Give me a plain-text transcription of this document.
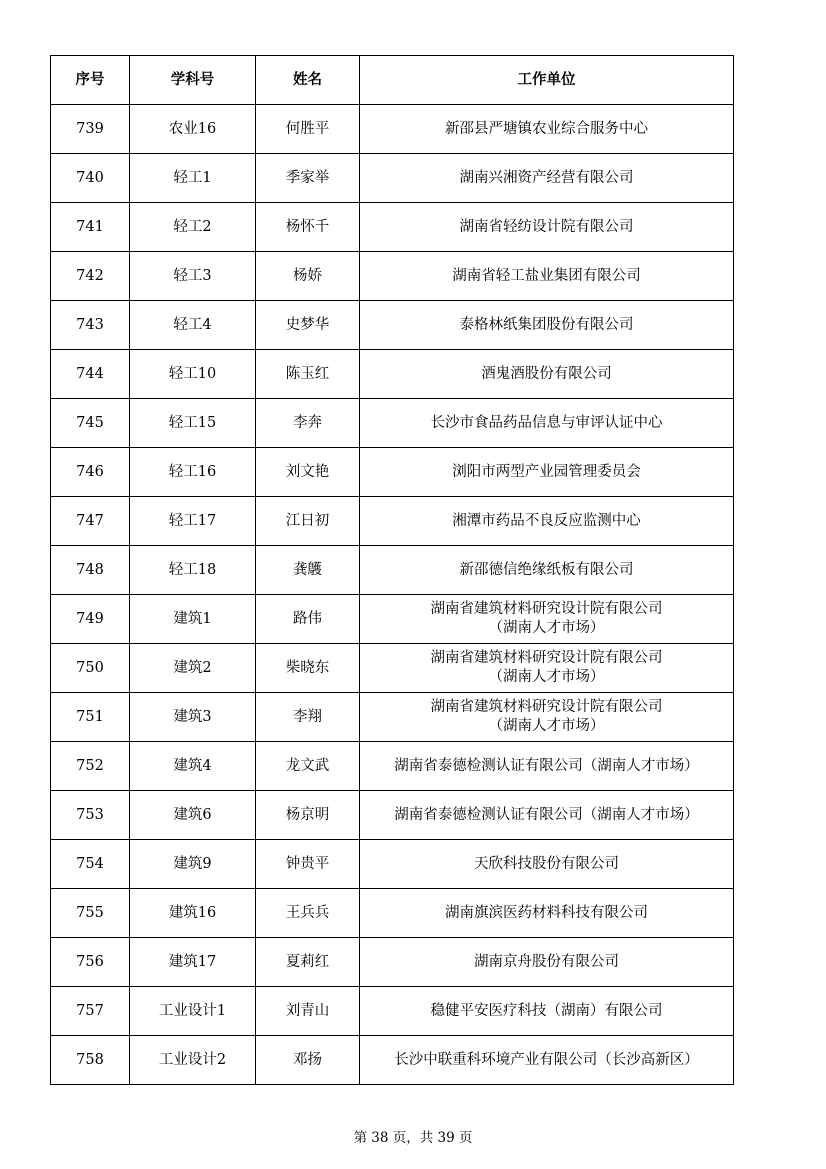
序号	学科号	姓名	工作单位
739	农业16	何胜平	新邵县严塘镇农业综合服务中心

740	轻工1	季家举	湖南兴湘资产经营有限公司

741	轻工2	杨怀千	湖南省轻纺设计院有限公司

742	轻工3	杨娇	湖南省轻工盐业集团有限公司

743	轻工4	史梦华	泰格林纸集团股份有限公司

744	轻工10	陈玉红	酒鬼酒股份有限公司

745	轻工15	李奔	长沙市食品药品信息与审评认证中心

746	轻工16	刘文艳	浏阳市两型产业园管理委员会

747	轻工17	江日初	湘潭市药品不良反应监测中心

748	轻工18	龚鸌	新邵德信绝缘纸板有限公司

749	建筑1	路伟	湖南省建筑材料研究设计院有限公司
（湖南人才市场）

750	建筑2	柴晓东	湖南省建筑材料研究设计院有限公司
（湖南人才市场）

751	建筑3	李翔	湖南省建筑材料研究设计院有限公司
（湖南人才市场）

752	建筑4	龙文武	湖南省泰德检测认证有限公司（湖南人才市场）

753	建筑6	杨京明	湖南省泰德检测认证有限公司（湖南人才市场）

754	建筑9	钟贵平	天欣科技股份有限公司

755	建筑16	王兵兵	湖南旗滨医药材料科技有限公司

756	建筑17	夏莉红	湖南京舟股份有限公司

757	工业设计1	刘青山	稳健平安医疗科技（湖南）有限公司

758	工业设计2	邓扬	长沙中联重科环境产业有限公司（长沙高新区）
第 38 页，共 39 页
